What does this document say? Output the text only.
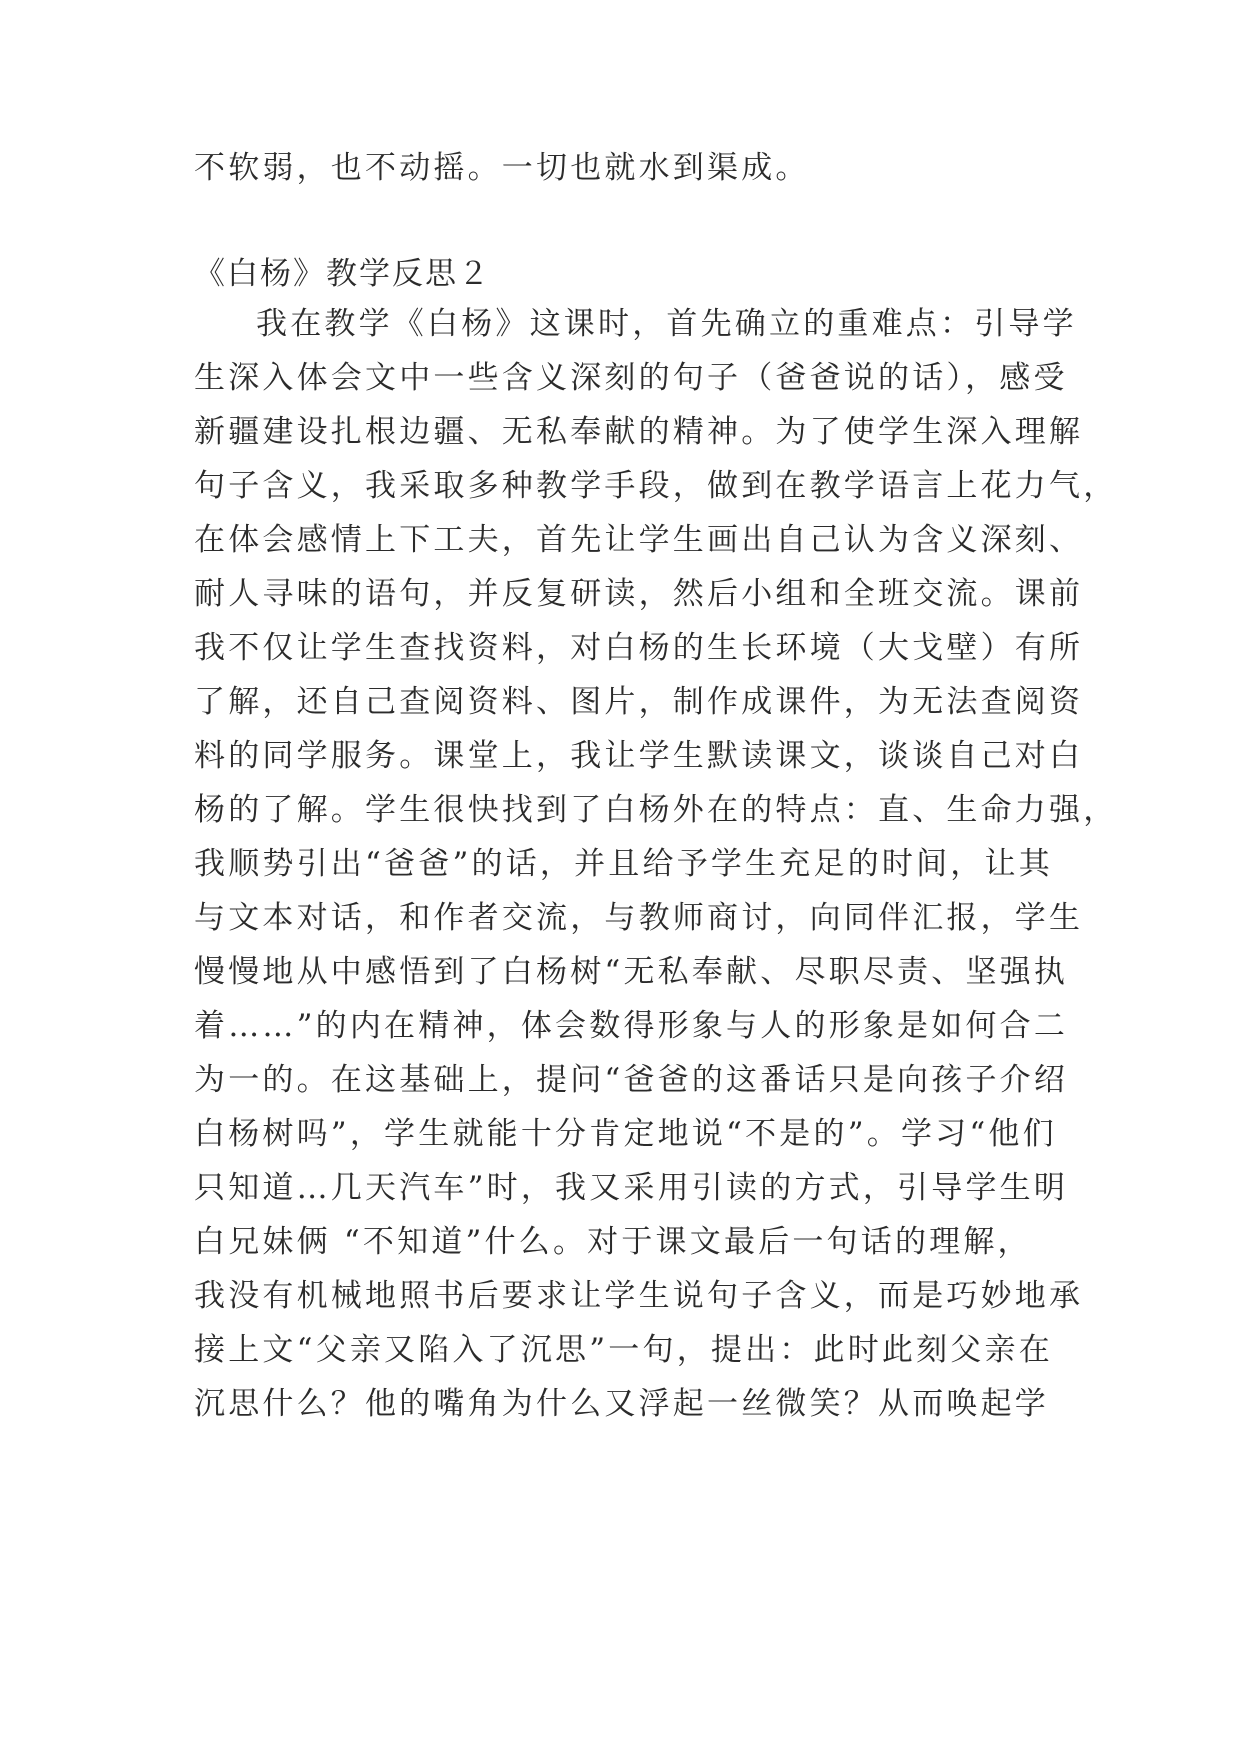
不软弱，也不动摇。一切也就水到渠成。

《白杨》教学反思２

我在教学《白杨》这课时，首先确立的重难点：引导学

生深入体会文中一些含义深刻的句子（爸爸说的话），感受

新疆建设扎根边疆、无私奉献的精神。为了使学生深入理解

句子含义，我采取多种教学手段，做到在教学语言上花力气，

在体会感情上下工夫，首先让学生画出自己认为含义深刻、

耐人寻味的语句，并反复研读，然后小组和全班交流。课前

我不仅让学生查找资料，对白杨的生长环境（大戈壁）有所

了解，还自己查阅资料、图片，制作成课件，为无法查阅资

料的同学服务。课堂上，我让学生默读课文，谈谈自己对白

杨的了解。学生很快找到了白杨外在的特点：直、生命力强，

我顺势引出“爸爸”的话，并且给予学生充足的时间，让其

与文本对话，和作者交流，与教师商讨，向同伴汇报，学生

慢慢地从中感悟到了白杨树“无私奉献、尽职尽责、坚强执

着……”的内在精神，体会数得形象与人的形象是如何合二

为一的。在这基础上，提问“爸爸的这番话只是向孩子介绍

白杨树吗”，学生就能十分肯定地说“不是的”。学习“他们

只知道…几天汽车”时，我又采用引读的方式，引导学生明

白兄妹俩 “不知道”什么。对于课文最后一句话的理解，

我没有机械地照书后要求让学生说句子含义，而是巧妙地承

接上文“父亲又陷入了沉思”一句，提出：此时此刻父亲在

沉思什么？他的嘴角为什么又浮起一丝微笑？从而唤起学
